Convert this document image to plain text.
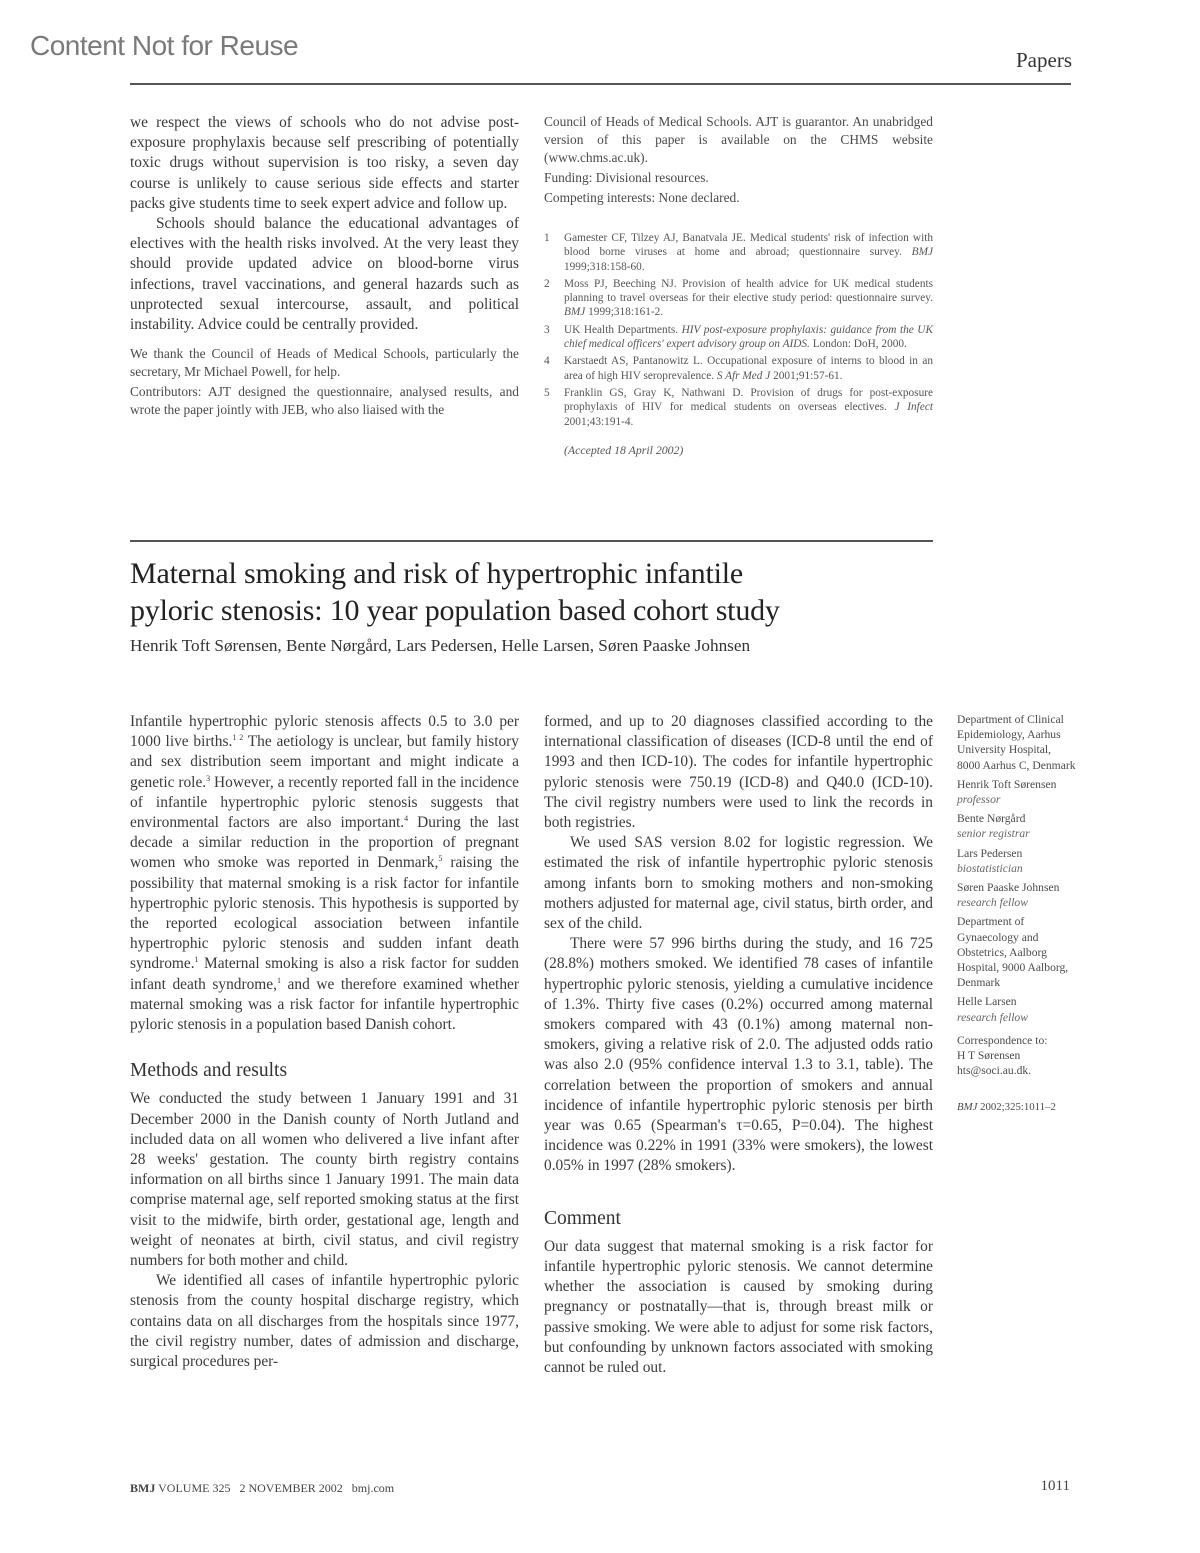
Content Not for Reuse	Papers

we respect the views of schools who do not advise post-exposure prophylaxis because self prescribing of potentially toxic drugs without supervision is too risky, a seven day course is unlikely to cause serious side effects and starter packs give students time to seek expert advice and follow up.

Schools should balance the educational advantages of electives with the health risks involved. At the very least they should provide updated advice on blood-borne virus infections, travel vaccinations, and general hazards such as unprotected sexual intercourse, assault, and political instability. Advice could be centrally provided.

We thank the Council of Heads of Medical Schools, particularly the secretary, Mr Michael Powell, for help.

Contributors: AJT designed the questionnaire, analysed results, and wrote the paper jointly with JEB, who also liaised with the

Council of Heads of Medical Schools. AJT is guarantor. An unabridged version of this paper is available on the CHMS website (www.chms.ac.uk).

Funding: Divisional resources.

Competing interests: None declared.

1	Gamester CF, Tilzey AJ, Banatvala JE. Medical students' risk of infection with blood borne viruses at home and abroad; questionnaire survey. BMJ 1999;318:158-60.
2	Moss PJ, Beeching NJ. Provision of health advice for UK medical students planning to travel overseas for their elective study period: questionnaire survey. BMJ 1999;318:161-2.
3	UK Health Departments. HIV post-exposure prophylaxis: guidance from the UK chief medical officers' expert advisory group on AIDS. London: DoH, 2000.
4	Karstaedt AS, Pantanowitz L. Occupational exposure of interns to blood in an area of high HIV seroprevalence. S Afr Med J 2001;91:57-61.
5	Franklin GS, Gray K, Nathwani D. Provision of drugs for post-exposure prophylaxis of HIV for medical students on overseas electives. J Infect 2001;43:191-4.
(Accepted 18 April 2002)
Maternal smoking and risk of hypertrophic infantile
pyloric stenosis: 10 year population based cohort study
Henrik Toft Sørensen, Bente Nørgård, Lars Pedersen, Helle Larsen, Søren Paaske Johnsen

Infantile hypertrophic pyloric stenosis affects 0.5 to 3.0 per 1000 live births.$^{1 2}$ The aetiology is unclear, but family history and sex distribution seem important and might indicate a genetic role.$^3$ However, a recently reported fall in the incidence of infantile hypertrophic pyloric stenosis suggests that environmental factors are also important.$^4$ During the last decade a similar reduction in the proportion of pregnant women who smoke was reported in Denmark,$^5$ raising the possibility that maternal smoking is a risk factor for infantile hypertrophic pyloric stenosis. This hypothesis is supported by the reported ecological association between infantile hypertrophic pyloric stenosis and sudden infant death syndrome.$^1$ Maternal smoking is also a risk factor for sudden infant death syndrome,$^1$ and we therefore examined whether maternal smoking was a risk factor for infantile hypertrophic pyloric stenosis in a population based Danish cohort.

Methods and results

We conducted the study between 1 January 1991 and 31 December 2000 in the Danish county of North Jutland and included data on all women who delivered a live infant after 28 weeks' gestation. The county birth registry contains information on all births since 1 January 1991. The main data comprise maternal age, self reported smoking status at the first visit to the midwife, birth order, gestational age, length and weight of neonates at birth, civil status, and civil registry numbers for both mother and child.

We identified all cases of infantile hypertrophic pyloric stenosis from the county hospital discharge registry, which contains data on all discharges from the hospitals since 1977, the civil registry number, dates of admission and discharge, surgical procedures per-

formed, and up to 20 diagnoses classified according to the international classification of diseases (ICD-8 until the end of 1993 and then ICD-10). The codes for infantile hypertrophic pyloric stenosis were 750.19 (ICD-8) and Q40.0 (ICD-10). The civil registry numbers were used to link the records in both registries.

We used SAS version 8.02 for logistic regression. We estimated the risk of infantile hypertrophic pyloric stenosis among infants born to smoking mothers and non-smoking mothers adjusted for maternal age, civil status, birth order, and sex of the child.

There were 57 996 births during the study, and 16 725 (28.8%) mothers smoked. We identified 78 cases of infantile hypertrophic pyloric stenosis, yielding a cumulative incidence of 1.3%. Thirty five cases (0.2%) occurred among maternal smokers compared with 43 (0.1%) among maternal non-smokers, giving a relative risk of 2.0. The adjusted odds ratio was also 2.0 (95% confidence interval 1.3 to 3.1, table). The correlation between the proportion of smokers and annual incidence of infantile hypertrophic pyloric stenosis per birth year was 0.65 (Spearman's τ=0.65, P=0.04). The highest incidence was 0.22% in 1991 (33% were smokers), the lowest 0.05% in 1997 (28% smokers).

Comment

Our data suggest that maternal smoking is a risk factor for infantile hypertrophic pyloric stenosis. We cannot determine whether the association is caused by smoking during pregnancy or postnatally—that is, through breast milk or passive smoking. We were able to adjust for some risk factors, but confounding by unknown factors associated with smoking cannot be ruled out.

Department of Clinical Epidemiology, Aarhus University Hospital, 8000 Aarhus C, Denmark
Henrik Toft Sørensen
professor
Bente Nørgård
senior registrar
Lars Pedersen
biostatistician
Søren Paaske Johnsen
research fellow
Department of Gynaecology and Obstetrics, Aalborg Hospital, 9000 Aalborg, Denmark
Helle Larsen
research fellow
Correspondence to:
H T Sørensen
hts@soci.au.dk.
BMJ 2002;325:1011–2
BMJ VOLUME 325   2 NOVEMBER 2002   bmj.com	1011
